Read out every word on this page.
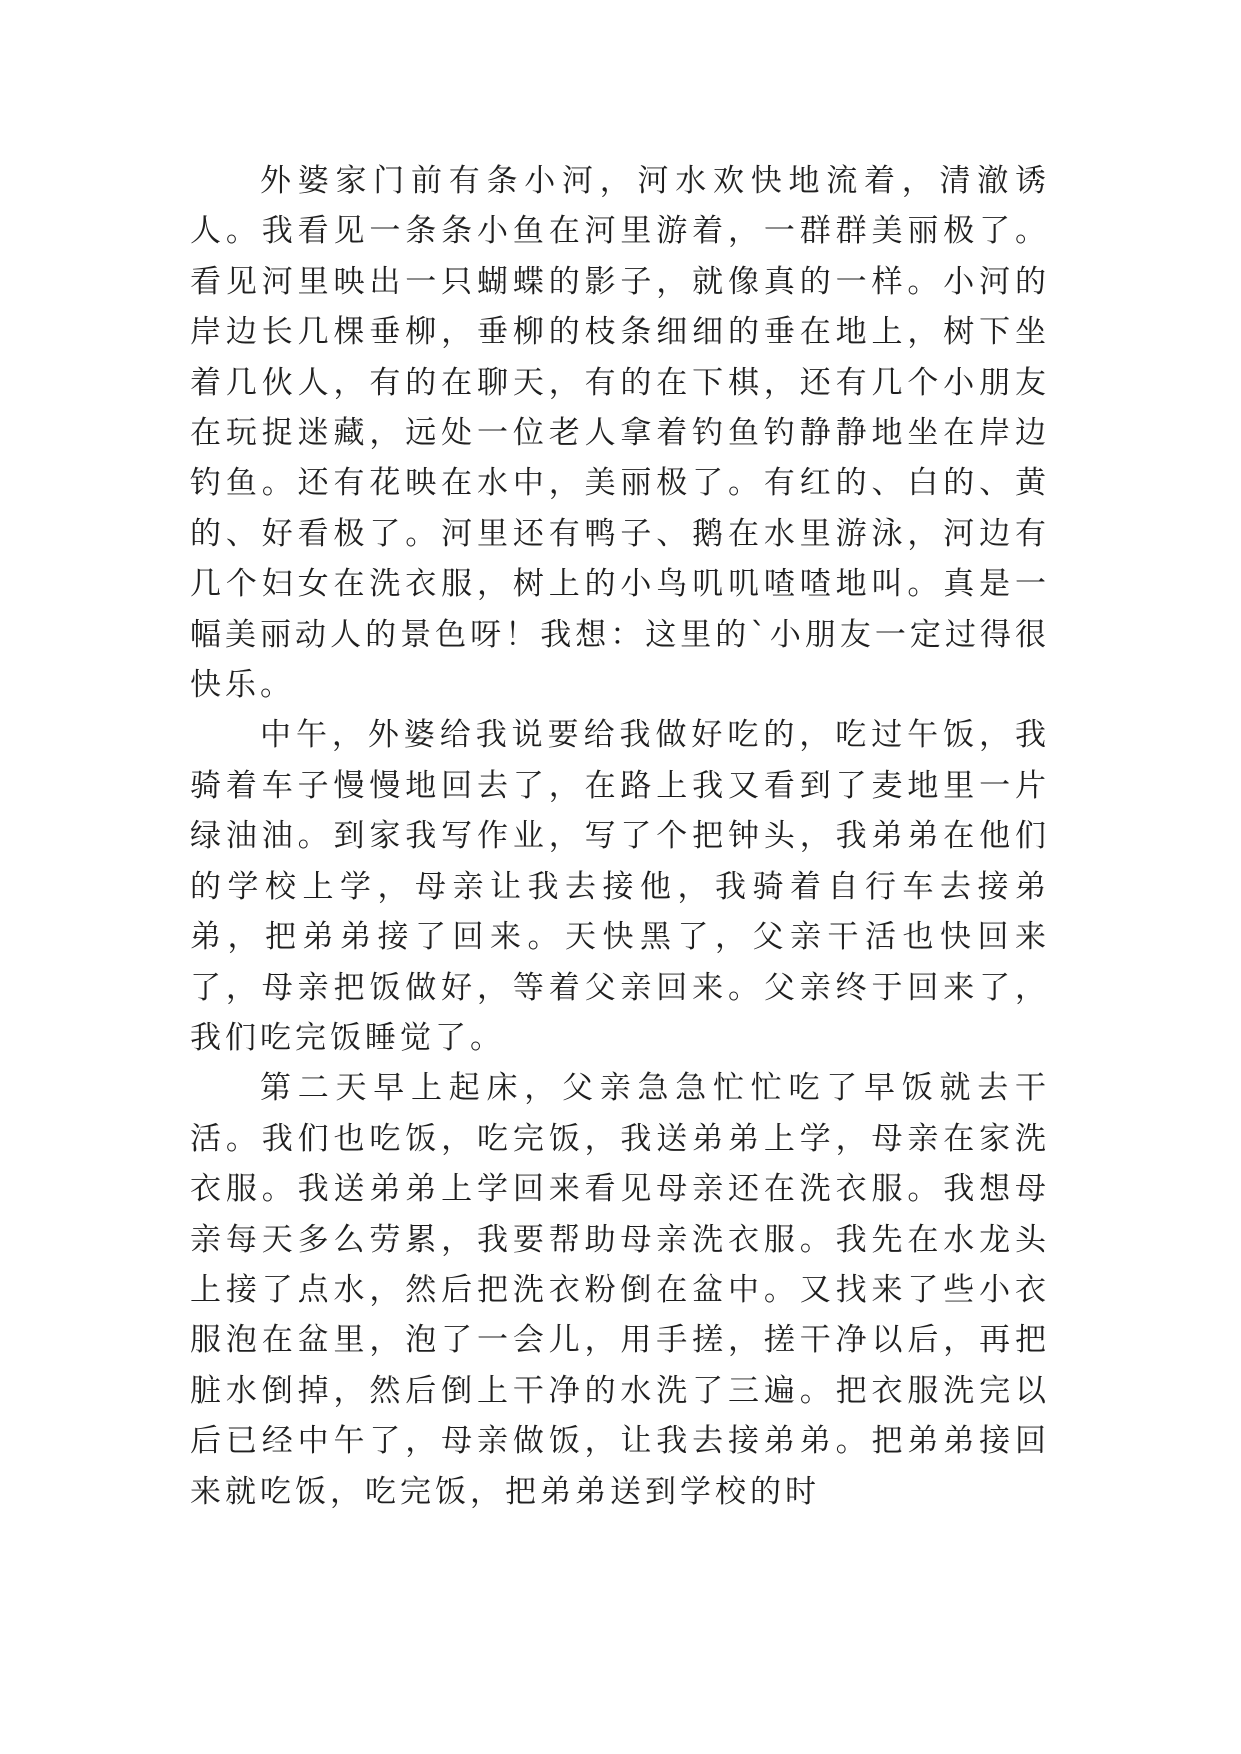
外婆家门前有条小河，河水欢快地流着，清澈诱人。我看见一条条小鱼在河里游着，一群群美丽极了。看见河里映出一只蝴蝶的影子，就像真的一样。小河的岸边长几棵垂柳，垂柳的枝条细细的垂在地上，树下坐着几伙人，有的在聊天，有的在下棋，还有几个小朋友在玩捉迷藏，远处一位老人拿着钓鱼钓静静地坐在岸边钓鱼。还有花映在水中，美丽极了。有红的、白的、黄的、好看极了。河里还有鸭子、鹅在水里游泳，河边有几个妇女在洗衣服，树上的小鸟叽叽喳喳地叫。真是一幅美丽动人的景色呀！我想：这里的`小朋友一定过得很快乐。

中午，外婆给我说要给我做好吃的，吃过午饭，我骑着车子慢慢地回去了，在路上我又看到了麦地里一片绿油油。到家我写作业，写了个把钟头，我弟弟在他们的学校上学，母亲让我去接他，我骑着自行车去接弟弟，把弟弟接了回来。天快黑了，父亲干活也快回来了，母亲把饭做好，等着父亲回来。父亲终于回来了，我们吃完饭睡觉了。

第二天早上起床，父亲急急忙忙吃了早饭就去干活。我们也吃饭，吃完饭，我送弟弟上学，母亲在家洗衣服。我送弟弟上学回来看见母亲还在洗衣服。我想母亲每天多么劳累，我要帮助母亲洗衣服。我先在水龙头上接了点水，然后把洗衣粉倒在盆中。又找来了些小衣服泡在盆里，泡了一会儿，用手搓，搓干净以后，再把脏水倒掉，然后倒上干净的水洗了三遍。把衣服洗完以后已经中午了，母亲做饭，让我去接弟弟。把弟弟接回来就吃饭，吃完饭，把弟弟送到学校的时
